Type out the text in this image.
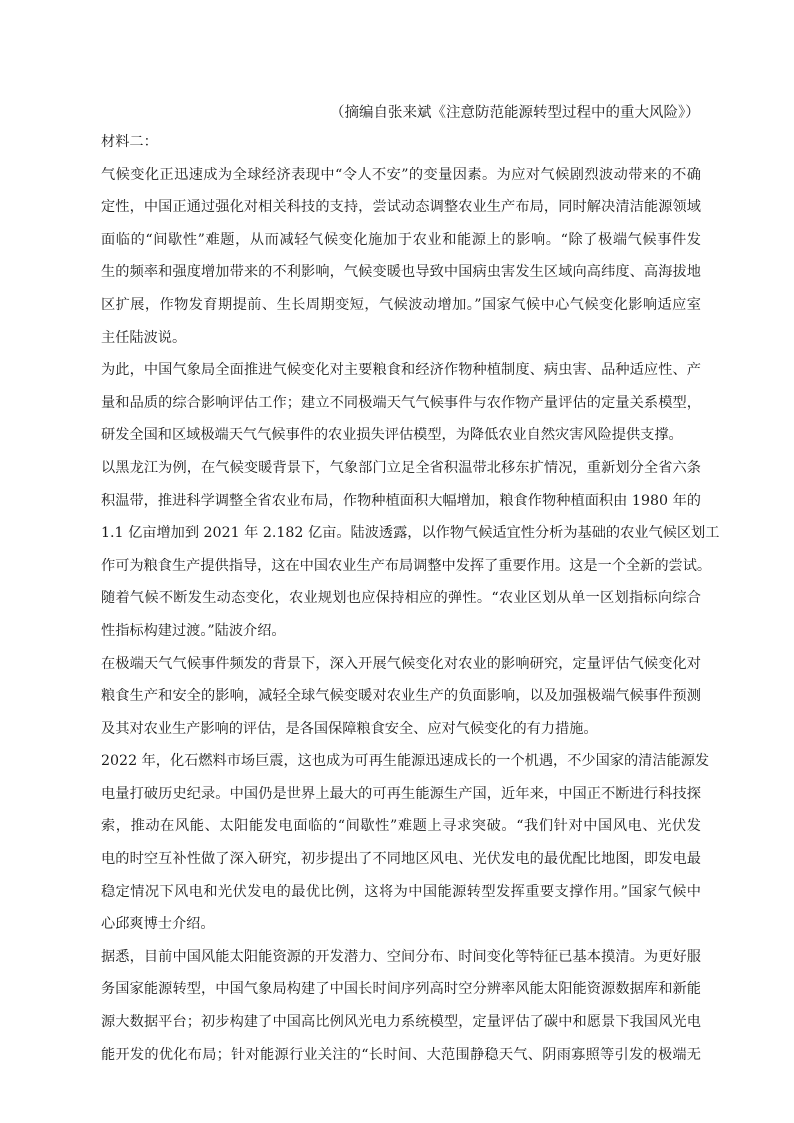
（摘编自张来斌《注意防范能源转型过程中的重大风险》）
材料二：
气候变化正迅速成为全球经济表现中“令人不安”的变量因素。为应对气候剧烈波动带来的不确
定性，中国正通过强化对相关科技的支持，尝试动态调整农业生产布局，同时解决清洁能源领域
面临的“间歇性”难题，从而减轻气候变化施加于农业和能源上的影响。“除了极端气候事件发
生的频率和强度增加带来的不利影响，气候变暖也导致中国病虫害发生区域向高纬度、高海拔地
区扩展，作物发育期提前、生长周期变短，气候波动增加。”国家气候中心气候变化影响适应室
主任陆波说。
为此，中国气象局全面推进气候变化对主要粮食和经济作物种植制度、病虫害、品种适应性、产
量和品质的综合影响评估工作；建立不同极端天气气候事件与农作物产量评估的定量关系模型，
研发全国和区域极端天气气候事件的农业损失评估模型，为降低农业自然灾害风险提供支撑。
以黑龙江为例，在气候变暖背景下，气象部门立足全省积温带北移东扩情况，重新划分全省六条
积温带，推进科学调整全省农业布局，作物种植面积大幅增加，粮食作物种植面积由 1980 年的
1.1 亿亩增加到 2021 年 2.182 亿亩。陆波透露，以作物气候适宜性分析为基础的农业气候区划工
作可为粮食生产提供指导，这在中国农业生产布局调整中发挥了重要作用。这是一个全新的尝试。
随着气候不断发生动态变化，农业规划也应保持相应的弹性。“农业区划从单一区划指标向综合
性指标构建过渡。”陆波介绍。
在极端天气气候事件频发的背景下，深入开展气候变化对农业的影响研究，定量评估气候变化对
粮食生产和安全的影响，减轻全球气候变暖对农业生产的负面影响，以及加强极端气候事件预测
及其对农业生产影响的评估，是各国保障粮食安全、应对气候变化的有力措施。
2022 年，化石燃料市场巨震，这也成为可再生能源迅速成长的一个机遇，不少国家的清洁能源发
电量打破历史纪录。中国仍是世界上最大的可再生能源生产国，近年来，中国正不断进行科技探
索，推动在风能、太阳能发电面临的“间歇性”难题上寻求突破。“我们针对中国风电、光伏发
电的时空互补性做了深入研究，初步提出了不同地区风电、光伏发电的最优配比地图，即发电最
稳定情况下风电和光伏发电的最优比例，这将为中国能源转型发挥重要支撑作用。”国家气候中
心邱爽博士介绍。
据悉，目前中国风能太阳能资源的开发潜力、空间分布、时间变化等特征已基本摸清。为更好服
务国家能源转型，中国气象局构建了中国长时间序列高时空分辨率风能太阳能资源数据库和新能
源大数据平台；初步构建了中国高比例风光电力系统模型，定量评估了碳中和愿景下我国风光电
能开发的优化布局；针对能源行业关注的“长时间、大范围静稳天气、阴雨寡照等引发的极端无
